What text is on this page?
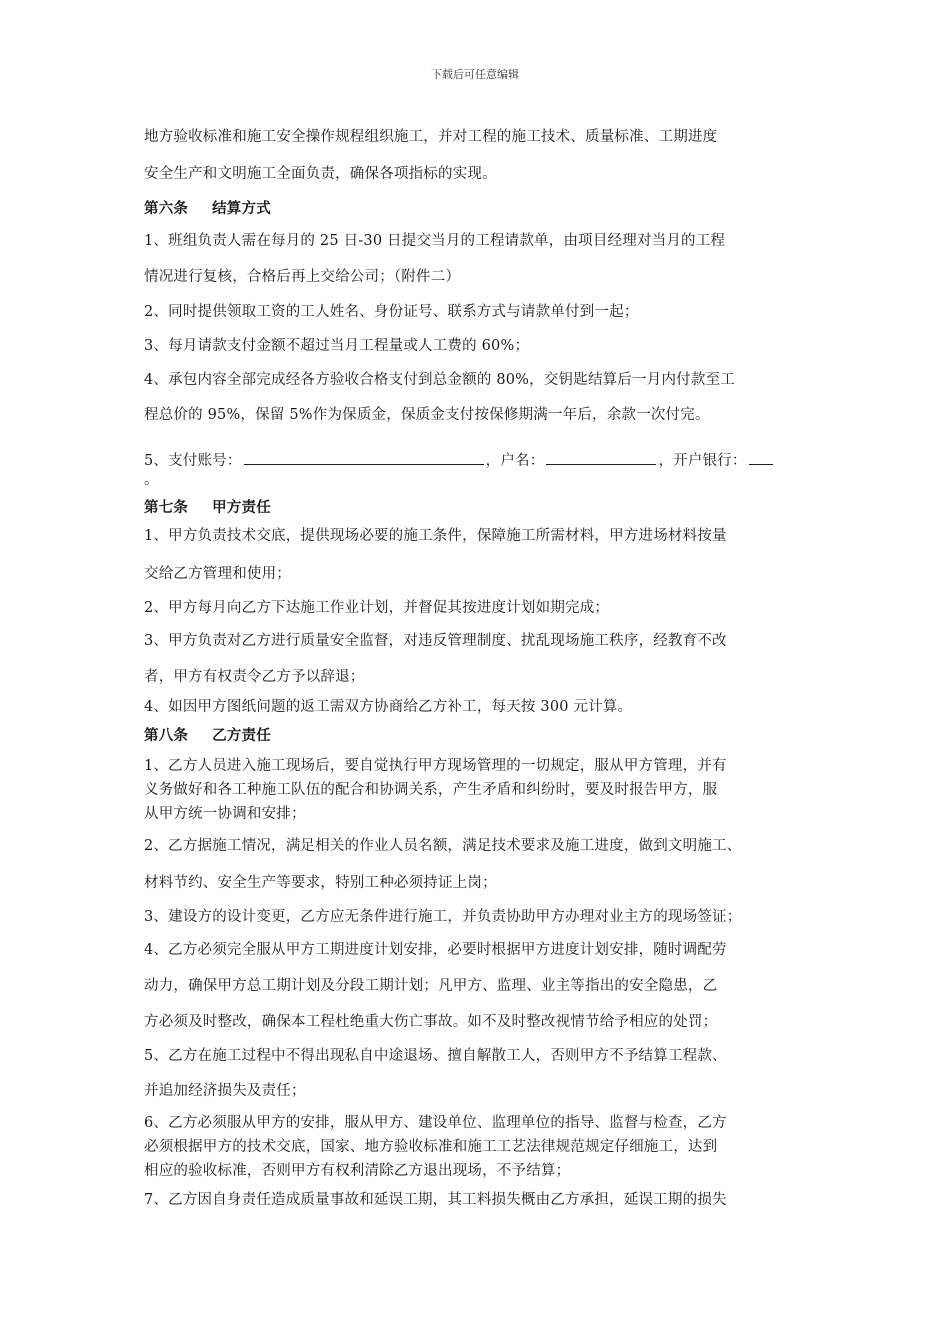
下载后可任意编辑
地方验收标准和施工安全操作规程组织施工，并对工程的施工技术、质量标准、工期进度
安全生产和文明施工全面负责，确保各项指标的实现。
第六条 结算方式
1、班组负责人需在每月的 25 日-30 日提交当月的工程请款单，由项目经理对当月的工程
情况进行复核，合格后再上交给公司；（附件二）
2、同时提供领取工资的工人姓名、身份证号、联系方式与请款单付到一起；
3、每月请款支付金额不超过当月工程量或人工费的 60%；
4、承包内容全部完成经各方验收合格支付到总金额的 80%，交钥匙结算后一月内付款至工
程总价的 95%，保留 5%作为保质金，保质金支付按保修期满一年后，余款一次付完。
5、支付账号：	，户名：	，开户银行：
。
第七条 甲方责任
1、甲方负责技术交底，提供现场必要的施工条件，保障施工所需材料，甲方进场材料按量
交给乙方管理和使用；
2、甲方每月向乙方下达施工作业计划，并督促其按进度计划如期完成；
3、甲方负责对乙方进行质量安全监督，对违反管理制度、扰乱现场施工秩序，经教育不改
者，甲方有权责令乙方予以辞退；
4、如因甲方图纸问题的返工需双方协商给乙方补工，每天按 300 元计算。
第八条 乙方责任
1、乙方人员进入施工现场后，要自觉执行甲方现场管理的一切规定，服从甲方管理，并有
义务做好和各工种施工队伍的配合和协调关系，产生矛盾和纠纷时，要及时报告甲方，服
从甲方统一协调和安排；
2、乙方据施工情况，满足相关的作业人员名额，满足技术要求及施工进度，做到文明施工、
材料节约、安全生产等要求，特别工种必须持证上岗；
3、建设方的设计变更，乙方应无条件进行施工，并负责协助甲方办理对业主方的现场签证；
4、乙方必须完全服从甲方工期进度计划安排，必要时根据甲方进度计划安排，随时调配劳
动力，确保甲方总工期计划及分段工期计划；凡甲方、监理、业主等指出的安全隐患，乙
方必须及时整改，确保本工程杜绝重大伤亡事故。如不及时整改视情节给予相应的处罚；
5、乙方在施工过程中不得出现私自中途退场、擅自解散工人，否则甲方不予结算工程款、
并追加经济损失及责任；
6、乙方必须服从甲方的安排，服从甲方、建设单位、监理单位的指导、监督与检查，乙方
必须根据甲方的技术交底，国家、地方验收标准和施工工艺法律规范规定仔细施工，达到
相应的验收标准，否则甲方有权利清除乙方退出现场，不予结算；
7、乙方因自身责任造成质量事故和延误工期，其工料损失概由乙方承担，延误工期的损失
